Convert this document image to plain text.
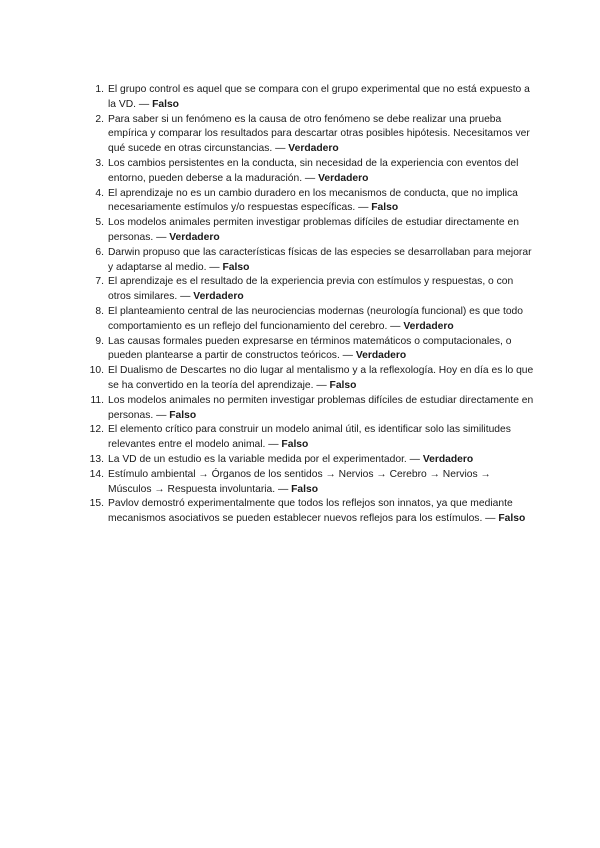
1. El grupo control es aquel que se compara con el grupo experimental que no está expuesto a la VD. — Falso
2. Para saber si un fenómeno es la causa de otro fenómeno se debe realizar una prueba empírica y comparar los resultados para descartar otras posibles hipótesis. Necesitamos ver qué sucede en otras circunstancias. — Verdadero
3. Los cambios persistentes en la conducta, sin necesidad de la experiencia con eventos del entorno, pueden deberse a la maduración. — Verdadero
4. El aprendizaje no es un cambio duradero en los mecanismos de conducta, que no implica necesariamente estímulos y/o respuestas específicas. — Falso
5. Los modelos animales permiten investigar problemas difíciles de estudiar directamente en personas. — Verdadero
6. Darwin propuso que las características físicas de las especies se desarrollaban para mejorar y adaptarse al medio. — Falso
7. El aprendizaje es el resultado de la experiencia previa con estímulos y respuestas, o con otros similares. — Verdadero
8. El planteamiento central de las neurociencias modernas (neurología funcional) es que todo comportamiento es un reflejo del funcionamiento del cerebro. — Verdadero
9. Las causas formales pueden expresarse en términos matemáticos o computacionales, o pueden plantearse a partir de constructos teóricos. — Verdadero
10. El Dualismo de Descartes no dio lugar al mentalismo y a la reflexología. Hoy en día es lo que se ha convertido en la teoría del aprendizaje. — Falso
11. Los modelos animales no permiten investigar problemas difíciles de estudiar directamente en personas. — Falso
12. El elemento crítico para construir un modelo animal útil, es identificar solo las similitudes relevantes entre el modelo animal. — Falso
13. La VD de un estudio es la variable medida por el experimentador. — Verdadero
14. Estímulo ambiental → Órganos de los sentidos → Nervios → Cerebro → Nervios → Músculos → Respuesta involuntaria. — Falso
15. Pavlov demostró experimentalmente que todos los reflejos son innatos, ya que mediante mecanismos asociativos se pueden establecer nuevos reflejos para los estímulos. — Falso
